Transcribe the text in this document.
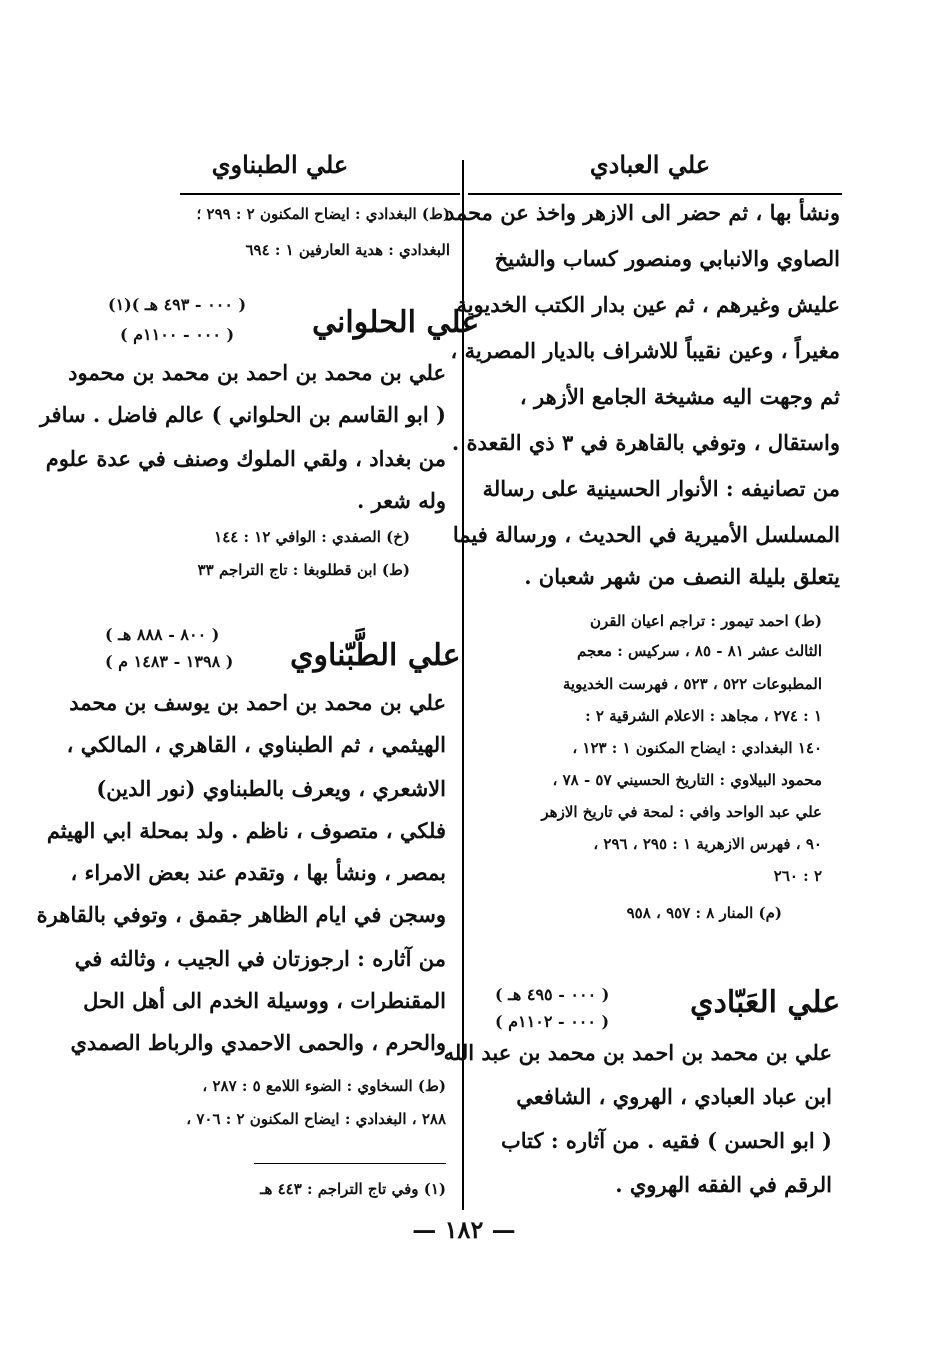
علي العبادي
علي الطبناوي
ونشأ بها ، ثم حضر الى الازهر واخذ عن محمد
الصاوي والانبابي ومنصور كساب والشيخ
عليش وغيرهم ، ثم عين بدار الكتب الخديوية
مغيراً ، وعين نقيباً للاشراف بالديار المصرية ،
ثم وجهت اليه مشيخة الجامع الأزهر ،
واستقال ، وتوفي بالقاهرة في ٣ ذي القعدة .
من تصانيفه : الأنوار الحسينية على رسالة
المسلسل الأميرية في الحديث ، ورسالة فيما
يتعلق بليلة النصف من شهر شعبان .
(ط) احمد تيمور : تراجم اعيان القرن
الثالث عشر ٨١ - ٨٥ ، سركيس : معجم
المطبوعات ٥٢٢ ، ٥٢٣ ، فهرست الخديوية
١ : ٢٧٤ ، مجاهد : الاعلام الشرقية ٢ :
١٤٠ البغدادي : ايضاح المكنون ١ : ١٢٣ ،
محمود البيلاوي : التاريخ الحسيني ٥٧ - ٧٨ ،
علي عبد الواحد وافي : لمحة في تاريخ الازهر
٩٠ ، فهرس الازهرية ١ : ٢٩٥ ، ٢٩٦ ،
٢ : ٢٦٠
(م) المنار ٨ : ٩٥٧ ، ٩٥٨
علي العَبّادي
( ٠٠٠ - ٤٩٥ هـ )
( ٠٠٠ - ١١٠٢م )
علي بن محمد بن احمد بن محمد بن عبد الله
ابن عباد العبادي ، الهروي ، الشافعي
( ابو الحسن ) فقيه . من آثاره : كتاب
الرقم في الفقه الهروي .
(ط) البغدادي : ايضاح المكنون ٢ : ٢٩٩ ؛
البغدادي : هدية العارفين ١ : ٦٩٤
علي الحلواني
( ٠٠٠ - ٤٩٣ هـ )(١)
( ٠٠٠ - ١١٠٠م )
علي بن محمد بن احمد بن محمد بن محمود
( ابو القاسم بن الحلواني ) عالم فاضل . سافر
من بغداد ، ولقي الملوك وصنف في عدة علوم
وله شعر .
(خ) الصفدي : الوافي ١٢ : ١٤٤
(ط) ابن قطلوبغا : تاج التراجم ٣٣
علي الطَّبّناوي
( ٨٠٠ - ٨٨٨ هـ )
( ١٣٩٨ - ١٤٨٣ م )
علي بن محمد بن احمد بن يوسف بن محمد
الهيثمي ، ثم الطبناوي ، القاهري ، المالكي ،
الاشعري ، ويعرف بالطبناوي (نور الدين)
فلكي ، متصوف ، ناظم . ولد بمحلة ابي الهيثم
بمصر ، ونشأ بها ، وتقدم عند بعض الامراء ،
وسجن في ايام الظاهر جقمق ، وتوفي بالقاهرة
من آثاره : ارجوزتان في الجيب ، وثالثه في
المقنطرات ، ووسيلة الخدم الى أهل الحل
والحرم ، والحمى الاحمدي والرباط الصمدي
(ط) السخاوي : الضوء اللامع ٥ : ٢٨٧ ،
٢٨٨ ، البغدادي : ايضاح المكنون ٢ : ٧٠٦ ،
(١) وفي تاج التراجم : ٤٤٣ هـ
— ١٨٢ —
